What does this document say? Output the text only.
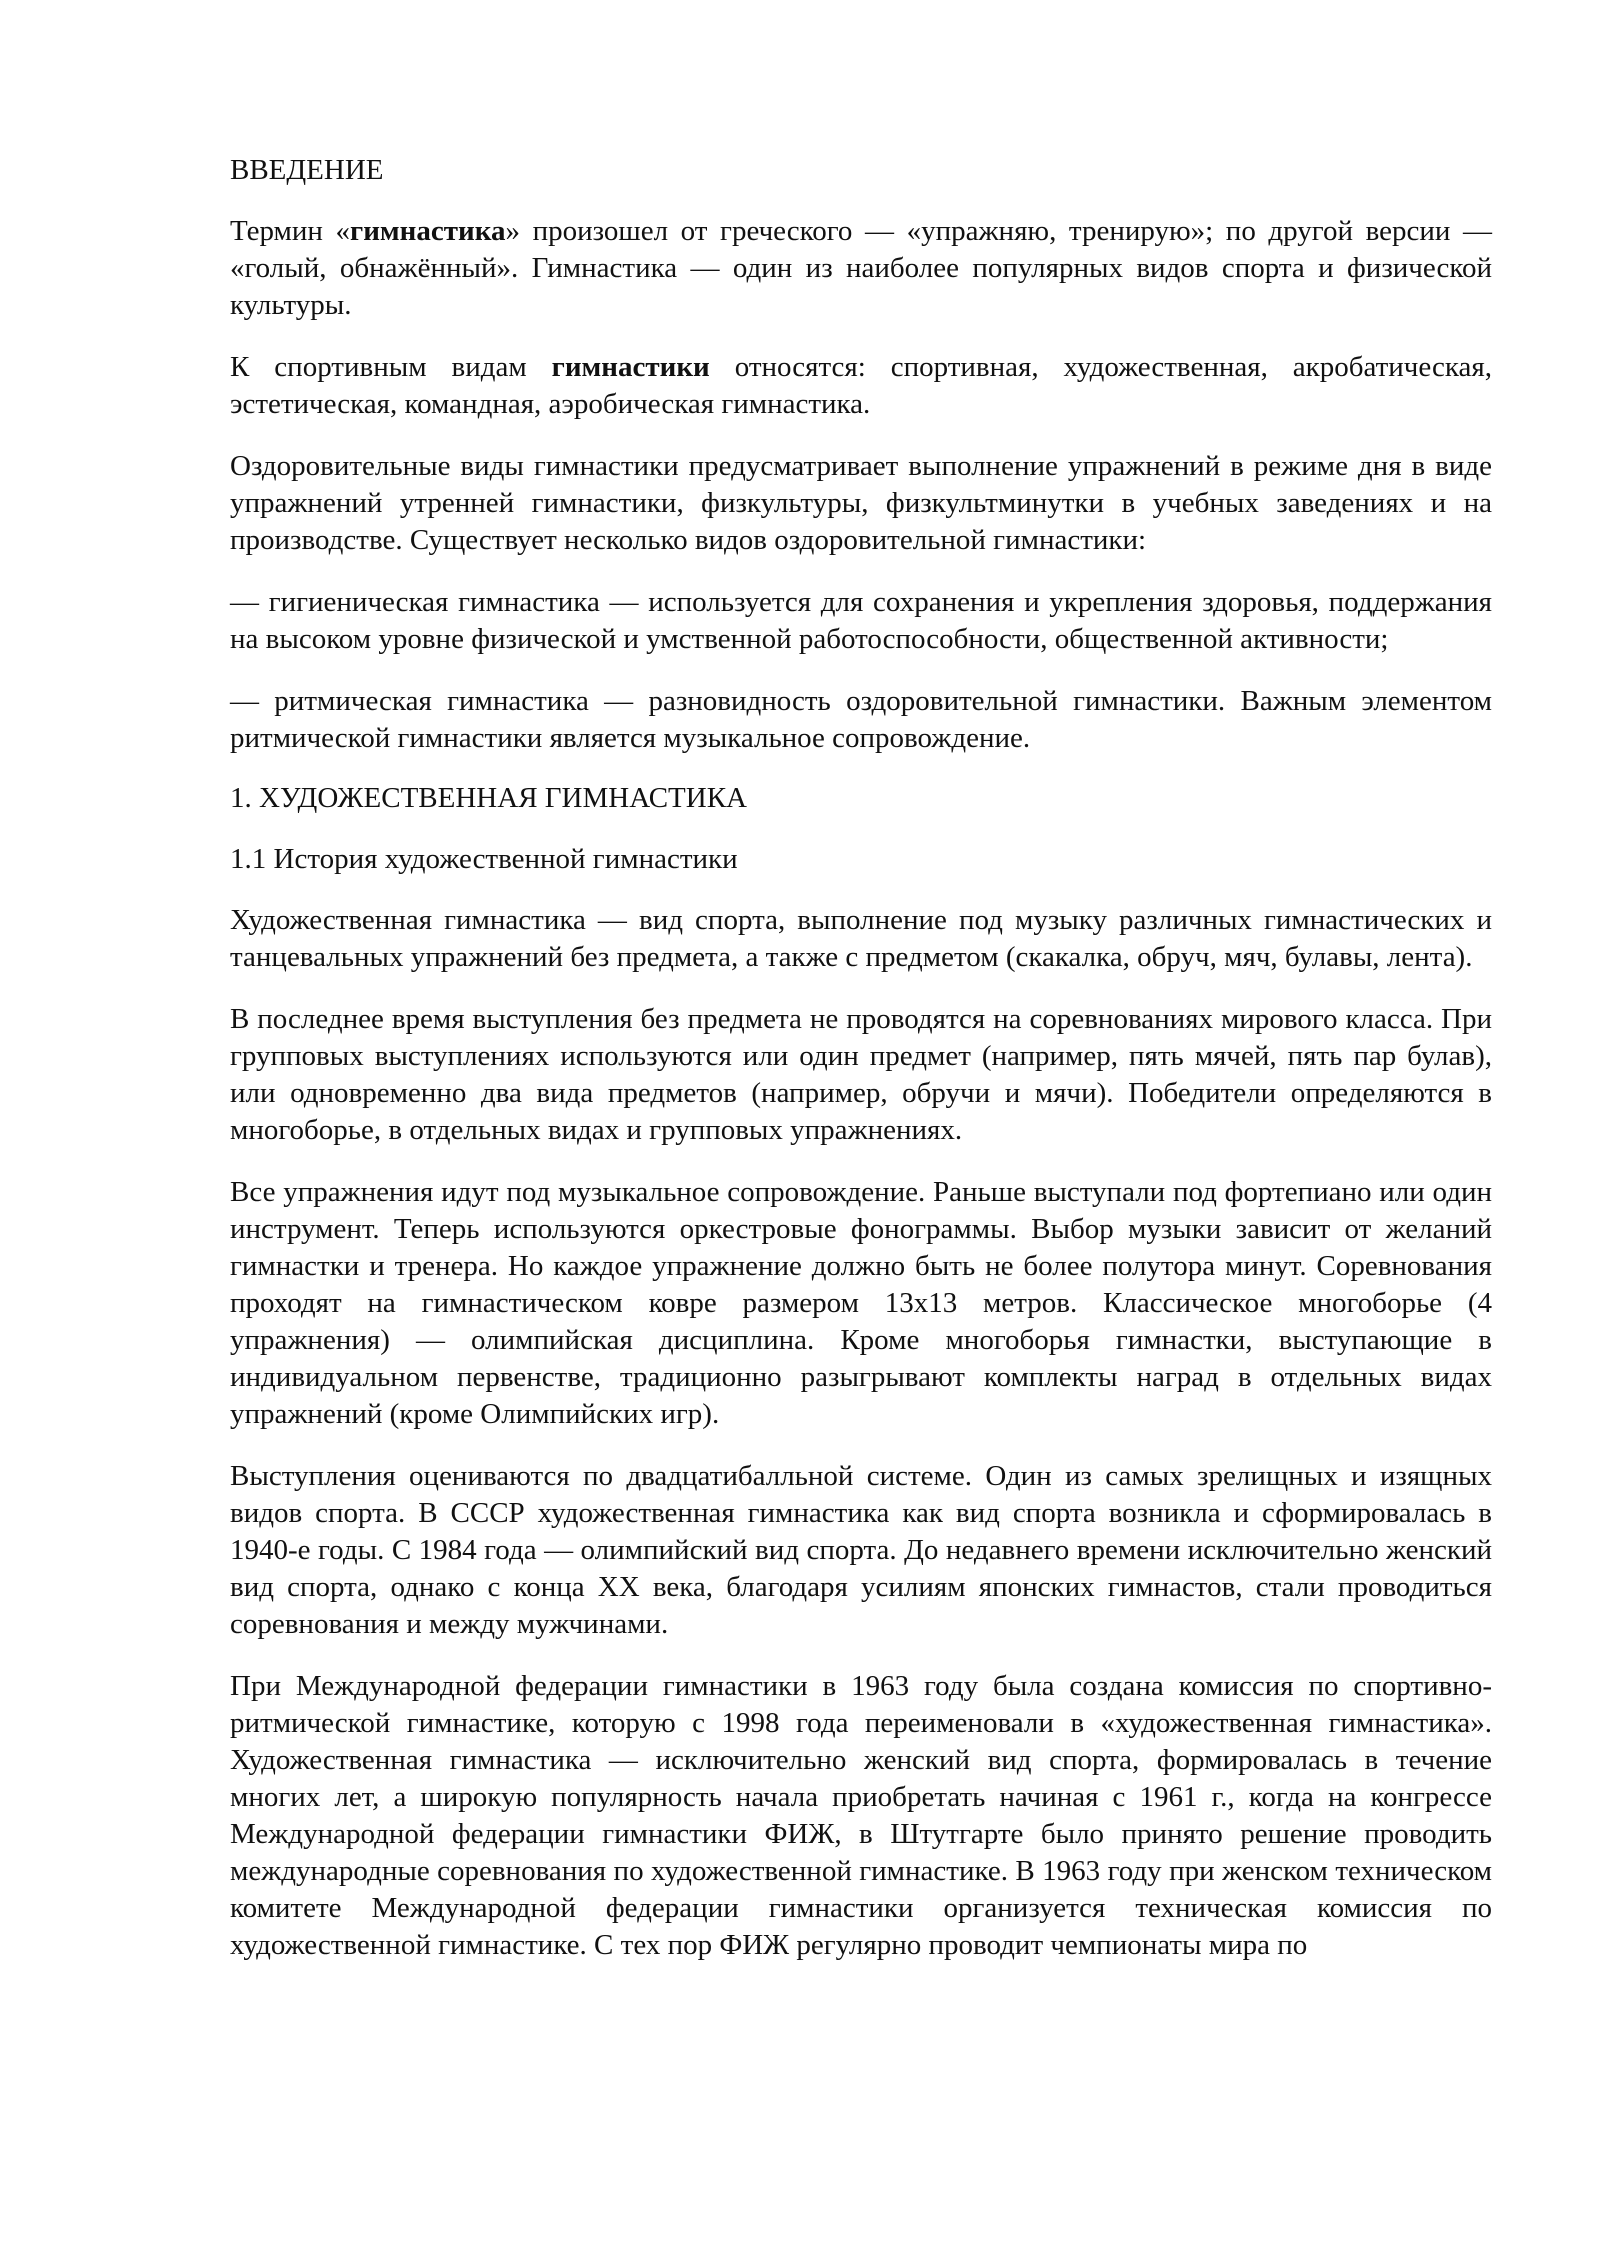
ВВЕДЕНИЕ

Термин «гимнастика» произошел от греческого — «упражняю, тренирую»; по другой версии — «голый, обнажённый». Гимнастика — один из наиболее популярных видов спорта и физической культуры.

К спортивным видам гимнастики относятся: спортивная, художественная, акробатическая, эстетическая, командная, аэробическая гимнастика.

Оздоровительные виды гимнастики предусматривает выполнение упражнений в режиме дня в виде упражнений утренней гимнастики, физкультуры, физкультминутки в учебных заведениях и на производстве. Существует несколько видов оздоровительной гимнастики:

— гигиеническая гимнастика — используется для сохранения и укрепления здоровья, поддержания на высоком уровне физической и умственной работоспособности, общественной активности;

— ритмическая гимнастика — разновидность оздоровительной гимнастики. Важным элементом ритмической гимнастики является музыкальное сопровождение.

1. ХУДОЖЕСТВЕННАЯ ГИМНАСТИКА
1.1 История художественной гимнастики

Художественная гимнастика — вид спорта, выполнение под музыку различных гимнастических и танцевальных упражнений без предмета, а также с предметом (скакалка, обруч, мяч, булавы, лента).

В последнее время выступления без предмета не проводятся на соревнованиях мирового класса. При групповых выступлениях используются или один предмет (например, пять мячей, пять пар булав), или одновременно два вида предметов (например, обручи и мячи). Победители определяются в многоборье, в отдельных видах и групповых упражнениях.

Все упражнения идут под музыкальное сопровождение. Раньше выступали под фортепиано или один инструмент. Теперь используются оркестровые фонограммы. Выбор музыки зависит от желаний гимнастки и тренера. Но каждое упражнение должно быть не более полутора минут. Соревнования проходят на гимнастическом ковре размером 13x13 метров. Классическое многоборье (4 упражнения) — олимпийская дисциплина. Кроме многоборья гимнастки, выступающие в индивидуальном первенстве, традиционно разыгрывают комплекты наград в отдельных видах упражнений (кроме Олимпийских игр).

Выступления оцениваются по двадцатибалльной системе. Один из самых зрелищных и изящных видов спорта. В СССР художественная гимнастика как вид спорта возникла и сформировалась в 1940-е годы. С 1984 года — олимпийский вид спорта. До недавнего времени исключительно женский вид спорта, однако с конца XX века, благодаря усилиям японских гимнастов, стали проводиться соревнования и между мужчинами.

При Международной федерации гимнастики в 1963 году была создана комиссия по спортивно-ритмической гимнастике, которую с 1998 года переименовали в «художественная гимнастика». Художественная гимнастика — исключительно женский вид спорта, формировалась в течение многих лет, а широкую популярность начала приобретать начиная с 1961 г., когда на конгрессе Международной федерации гимнастики ФИЖ, в Штутгарте было принято решение проводить международные соревнования по художественной гимнастике. В 1963 году при женском техническом комитете Международной федерации гимнастики организуется техническая комиссия по художественной гимнастике. С тех пор ФИЖ регулярно проводит чемпионаты мира по
